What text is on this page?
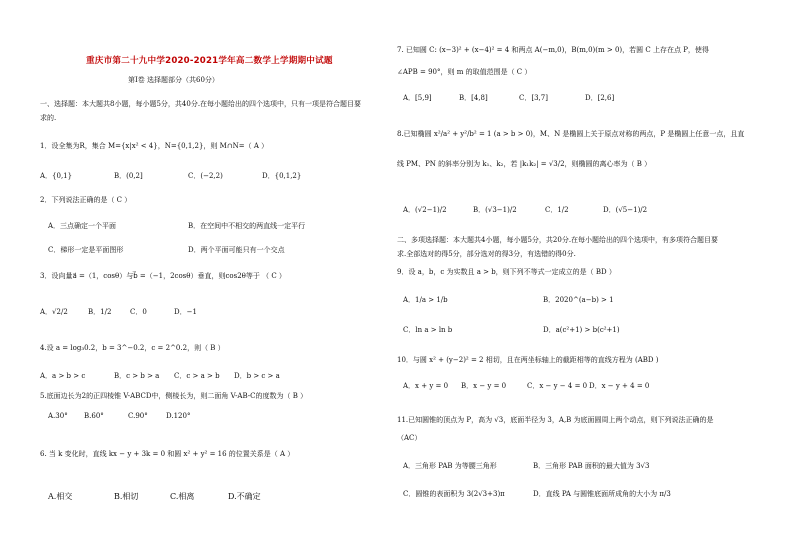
重庆市第二十九中学2020-2021学年高二数学上学期期中试题
第Ⅰ卷 选择题部分（共60分）
一、选择题：本大题共8小题，每小题5分，共40分.在每小题给出的四个选项中，只有一项是符合题目要
求的.
1．设全集为R，集合 M={x|x² < 4}，N={0,1,2}，则 M∩N=（ A ）
A．{0,1}	B．(0,2]	C．(−2,2)	D．{0,1,2}
2．下列说法正确的是（ C ）
A．三点确定一个平面	B．在空间中不相交的两直线一定平行
C．梯形一定是平面图形	D．两个平面可能只有一个交点
3．设向量a⃗ =（1，cosθ）与b⃗ =（−1，2cosθ）垂直，则cos2θ等于 （ C ）
A．√2/2	B．1/2	C．0	D．−1
4.设 a = log₃0.2，b = 3^−0.2，c = 2^0.2，则（ B ）
A．a > b > c	B．c > b > a C．c > a > b D．b > c > a
5.底面边长为2的正四棱锥 V-ABCD中，侧棱长为，则二面角 V-AB-C的度数为（ B ）
A.30° B.60°	C.90°	D.120°
6. 当 k 变化时，直线 kx − y + 3k = 0 和圆 x² + y² = 16 的位置关系是（ A ）
A.相交	B.相切	C.相离	D.不确定
7. 已知圆 C: (x−3)² + (x−4)² = 4 和两点 A(−m,0)，B(m,0)(m > 0)，若圆 C 上存在点 P，使得
∠APB = 90°，则 m 的取值范围是（ C ）
A．[5,9]	B．[4,8]	C．[3,7]	D．[2,6]
8.已知椭圆 x²/a² + y²/b² = 1 (a > b > 0)，M、N 是椭圆上关于原点对称的两点，P 是椭圆上任意一点，且直
线 PM、PN 的斜率分别为 k₁、k₂，若 |k₁k₂| = √3/2，则椭圆的离心率为（ B ）
A．(√2−1)/2	B．(√3−1)/2	C．1/2	D．(√5−1)/2
二、多项选择题：本大题共4小题，每小题5分，共20分.在每小题给出的四个选项中，有多项符合题目要
求.全部选对的得5分，部分选对的得3分，有选错的得0分.
9．设 a，b，c 为实数且 a > b，则下列不等式一定成立的是（ BD ）
A．1/a > 1/b	B．2020^(a−b) > 1
C．ln a > ln b	D．a(c²+1) > b(c²+1)
10．与圆 x² + (y−2)² = 2 相切，且在两坐标轴上的截距相等的直线方程为 (ABD )
A．x + y = 0 B．x − y = 0	C．x − y − 4 = 0 D．x − y + 4 = 0
11.已知圆锥的顶点为 P，高为 √3，底面半径为 3，A,B 为底面圆周上两个动点，则下列说法正确的是
（AC）
A．三角形 PAB 为等腰三角形	B．三角形 PAB 面积的最大值为 3√3
C．圆锥的表面积为 3(2√3+3)π	D．直线 PA 与圆锥底面所成角的大小为 π/3
